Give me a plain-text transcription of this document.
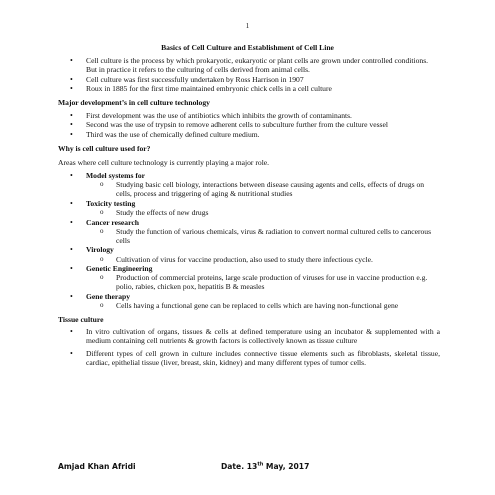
1
Basics of Cell Culture and Establishment of Cell Line
• Cell culture is the process by which prokaryotic, eukaryotic or plant cells are grown under controlled conditions. But in practice it refers to the culturing of cells derived from animal cells.
• Cell culture was first successfully undertaken by Ross Harrison in 1907
• Roux in 1885 for the first time maintained embryonic chick cells in a cell culture
Major development’s in cell culture technology
• First development was the use of antibiotics which inhibits the growth of contaminants.
• Second was the use of trypsin to remove adherent cells to subculture further from the culture vessel
• Third was the use of chemically defined culture medium.
Why is cell culture used for?
Areas where cell culture technology is currently playing a major role.
• Model systems for
o Studying basic cell biology, interactions between disease causing agents and cells, effects of drugs on cells, process and triggering of aging & nutritional studies
• Toxicity testing
o Study the effects of new drugs
• Cancer research
o Study the function of various chemicals, virus & radiation to convert normal cultured cells to cancerous cells
• Virology
o Cultivation of virus for vaccine production, also used to study there infectious cycle.
• Genetic Engineering
o Production of commercial proteins, large scale production of viruses for use in vaccine production e.g. polio, rabies, chicken pox, hepatitis B & measles
• Gene therapy
o Cells having a functional gene can be replaced to cells which are having non-functional gene
Tissue culture
• In vitro cultivation of organs, tissues & cells at defined temperature using an incubator & supplemented with a medium containing cell nutrients & growth factors is collectively known as tissue culture
• Different types of cell grown in culture includes connective tissue elements such as fibroblasts, skeletal tissue, cardiac, epithelial tissue (liver, breast, skin, kidney) and many different types of tumor cells.
Amjad Khan Afridi	Date. 13th May, 2017
